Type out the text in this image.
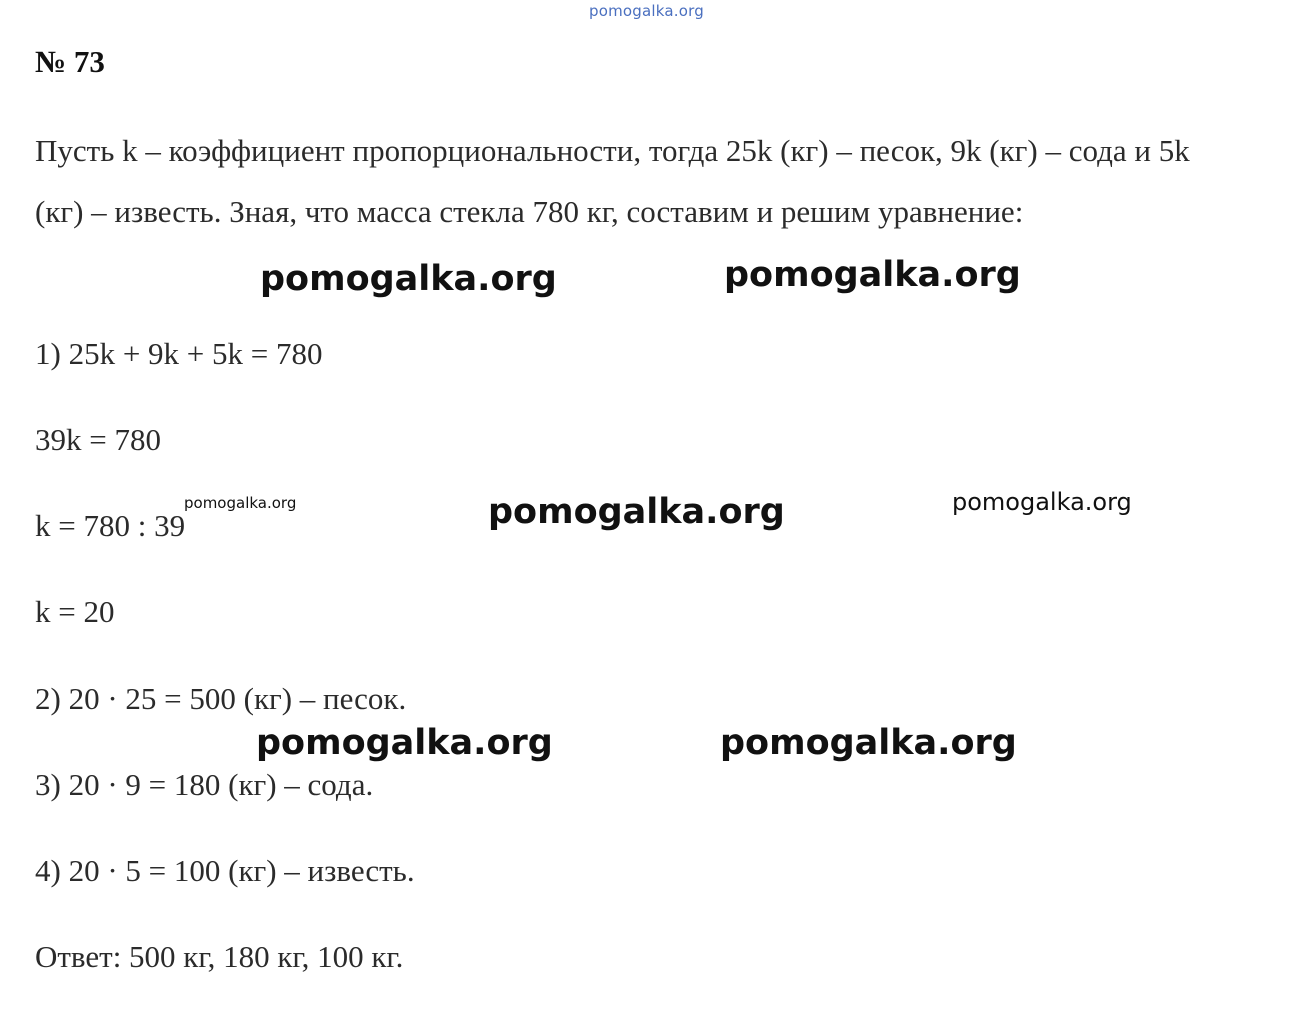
pomogalka.org
№ 73
Пусть k – коэффициент пропорциональности, тогда 25k (кг) – песок, 9k (кг) – сода и 5k (кг) – известь. Зная, что масса стекла 780 кг, составим и решим уравнение:
1) 25k + 9k + 5k = 780
39k = 780
k = 780 : 39
k = 20
2) 20 · 25 = 500 (кг) – песок.
3) 20 · 9 = 180 (кг) – сода.
4) 20 · 5 = 100 (кг) – известь.
Ответ: 500 кг, 180 кг, 100 кг.
pomogalka.org	pomogalka.org
pomogalka.org
pomogalka.org	pomogalka.org
pomogalka.org	pomogalka.org
